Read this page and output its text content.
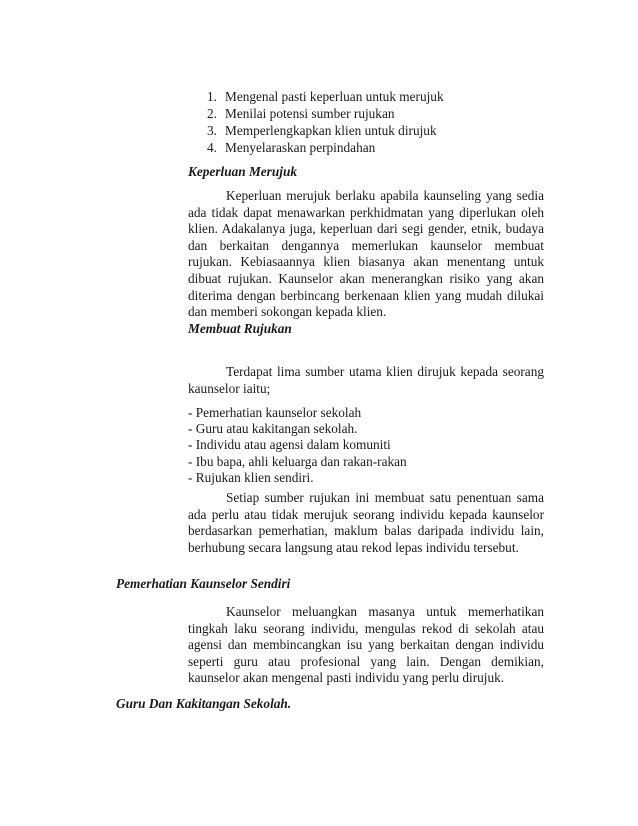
1. Mengenal pasti keperluan untuk merujuk
2. Menilai potensi sumber rujukan
3. Memperlengkapkan klien untuk dirujuk
4. Menyelaraskan perpindahan
Keperluan Merujuk

Keperluan merujuk berlaku apabila kaunseling yang sedia ada tidak dapat menawarkan perkhidmatan yang diperlukan oleh klien. Adakalanya juga, keperluan dari segi gender, etnik, budaya dan berkaitan dengannya memerlukan kaunselor membuat rujukan. Kebiasaannya klien biasanya akan menentang untuk dibuat rujukan. Kaunselor akan menerangkan risiko yang akan diterima dengan berbincang berkenaan klien yang mudah dilukai dan memberi sokongan kepada klien.

Membuat Rujukan

Terdapat lima sumber utama klien dirujuk kepada seorang kaunselor iaitu;

- Pemerhatian kaunselor sekolah
- Guru atau kakitangan sekolah.
- Individu atau agensi dalam komuniti
- Ibu bapa, ahli keluarga dan rakan-rakan
- Rujukan klien sendiri.

Setiap sumber rujukan ini membuat satu penentuan sama ada perlu atau tidak merujuk seorang individu kepada kaunselor berdasarkan pemerhatian, maklum balas daripada individu lain, berhubung secara langsung atau rekod lepas individu tersebut.

Pemerhatian Kaunselor Sendiri

Kaunselor meluangkan masanya untuk memerhatikan tingkah laku seorang individu, mengulas rekod di sekolah atau agensi dan membincangkan isu yang berkaitan dengan individu seperti guru atau profesional yang lain. Dengan demikian, kaunselor akan mengenal pasti individu yang perlu dirujuk.

Guru Dan Kakitangan Sekolah.
